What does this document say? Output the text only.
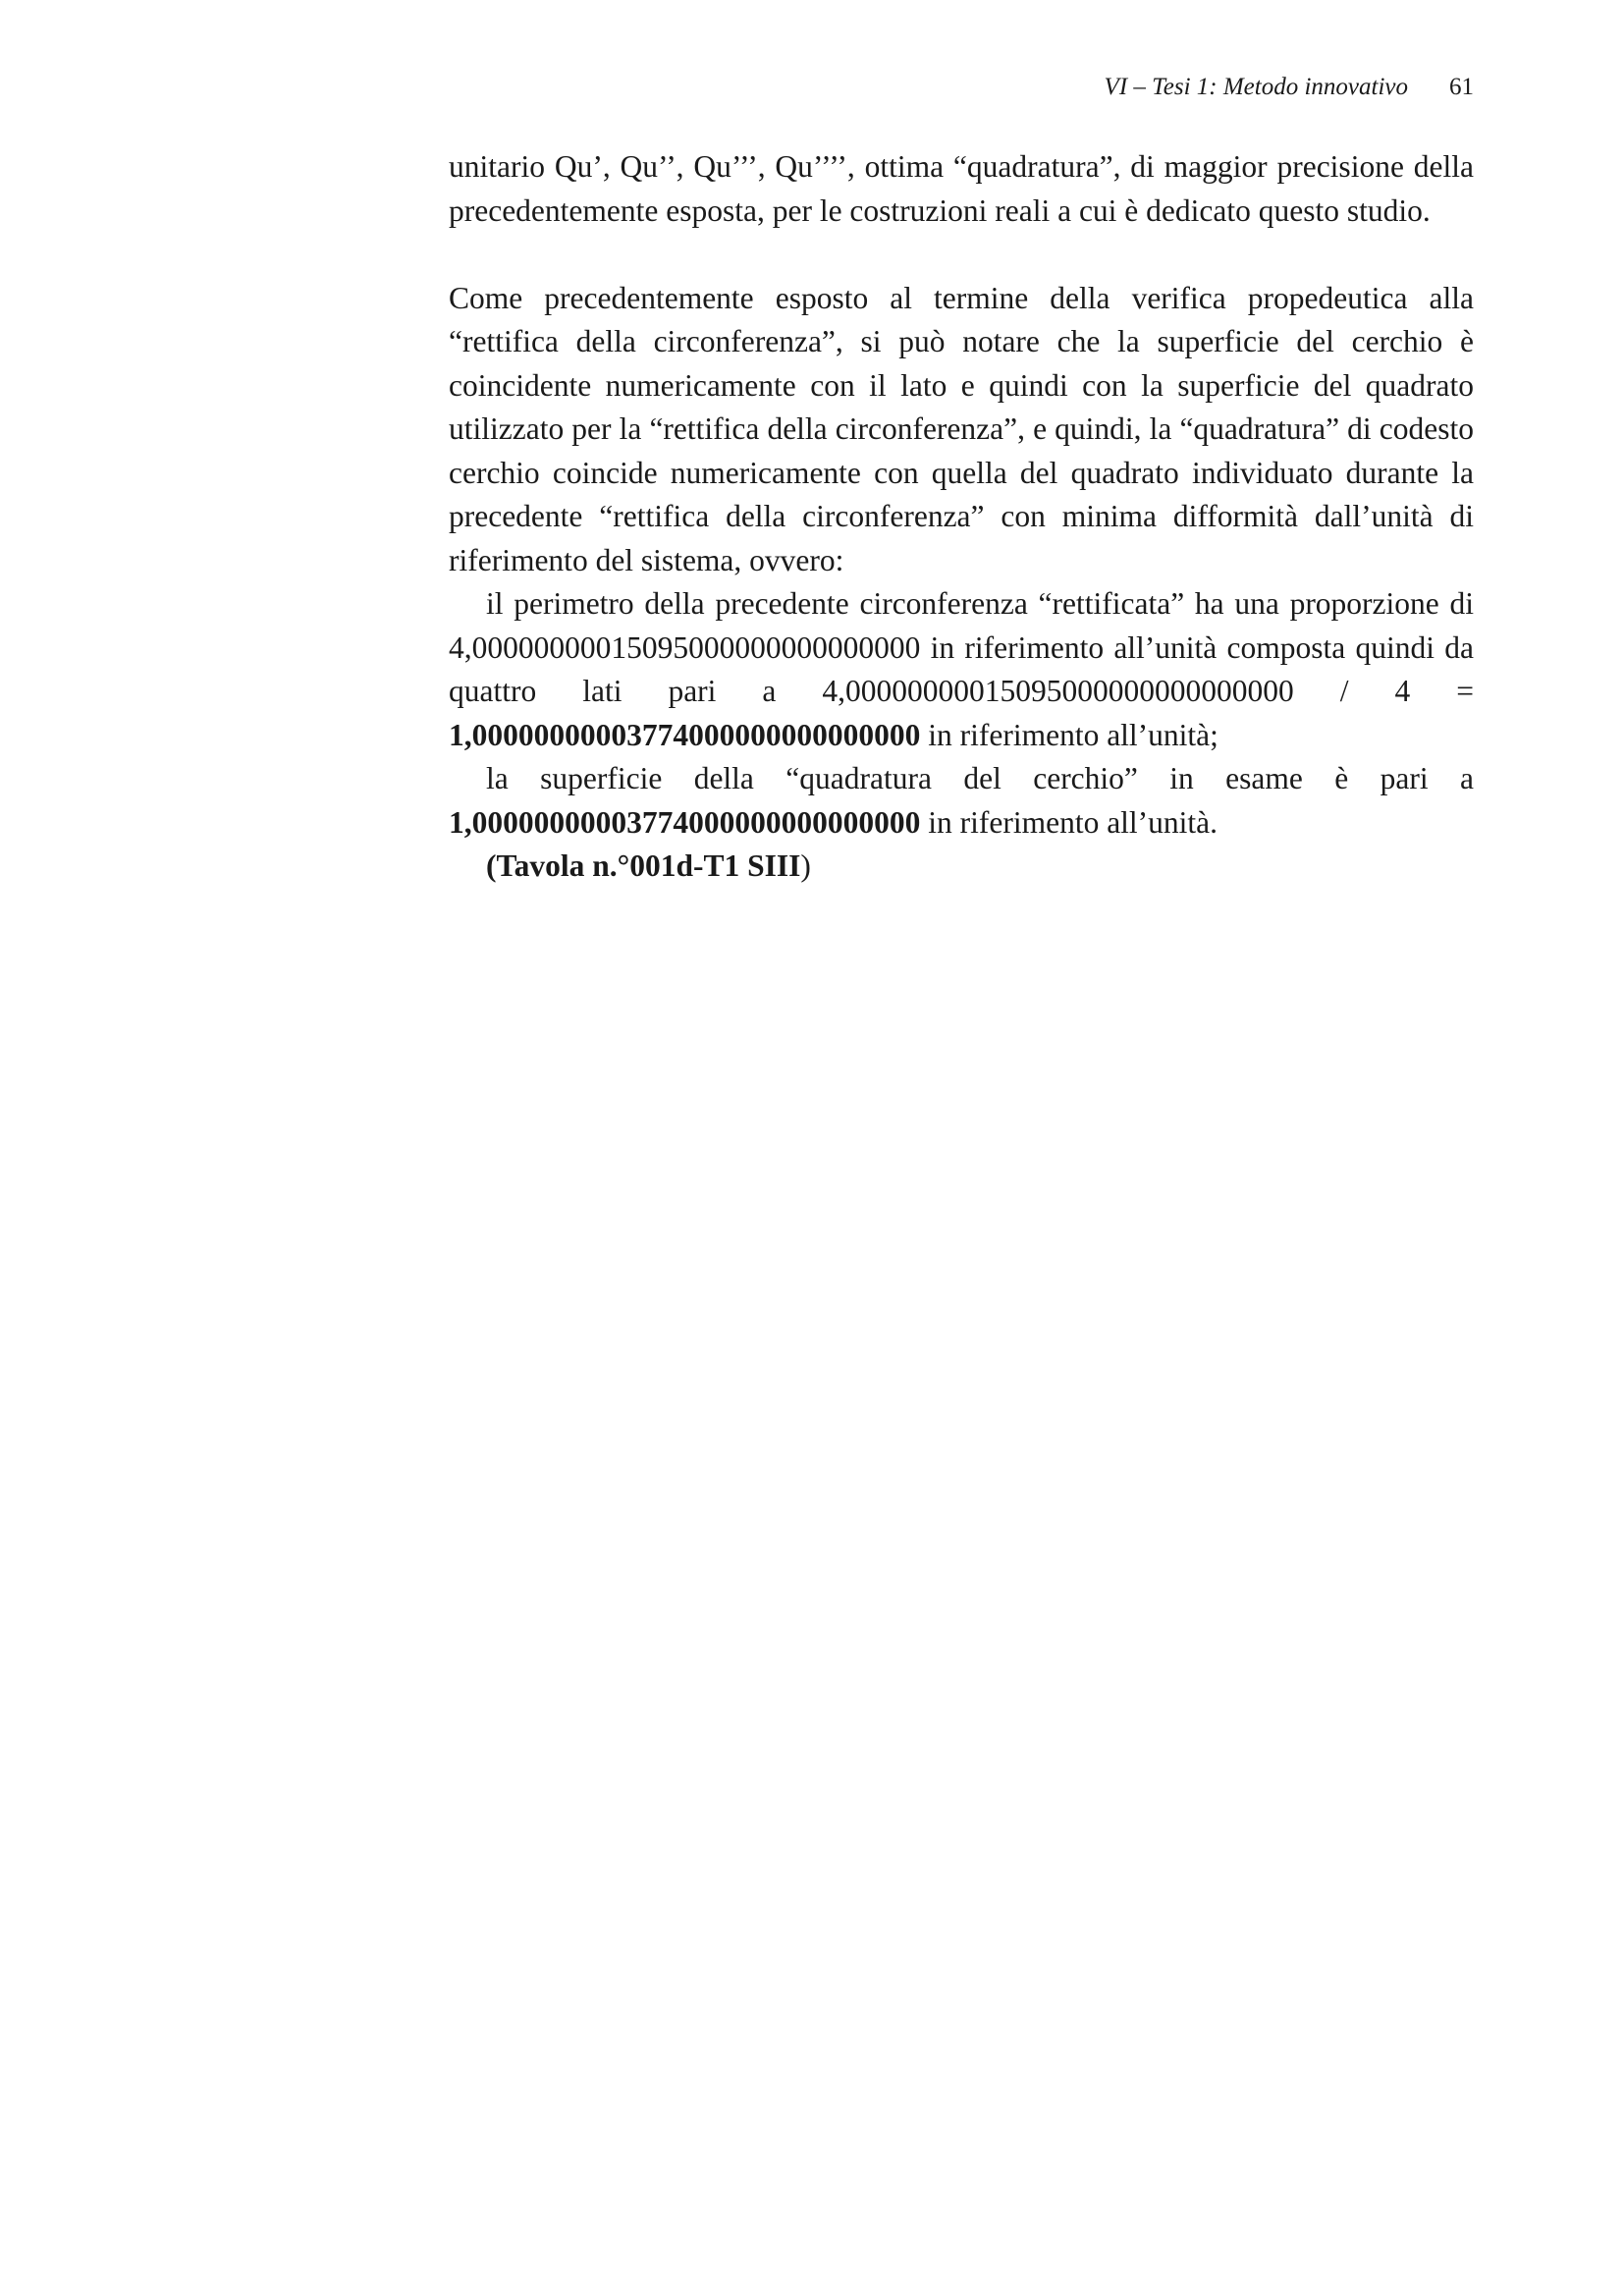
VI – Tesi 1: Metodo innovativo 61

unitario Qu’, Qu’’, Qu’’’, Qu’’’’, ottima “quadratura”, di maggior precisione della precedentemente esposta, per le costruzioni reali a cui è dedicato questo studio.

Come precedentemente esposto al termine della verifica propedeutica alla “rettifica della circonferenza”, si può notare che la superficie del cerchio è coincidente numericamente con il lato e quindi con la superficie del quadrato utilizzato per la “rettifica della circonferenza”, e quindi, la “quadratura” di codesto cerchio coincide numericamente con quella del quadrato individuato durante la precedente “rettifica della circonferenza” con minima difformità dall’unità di riferimento del sistema, ovvero:

il perimetro della precedente circonferenza “rettificata” ha una proporzione di 4,00000000015095000000000000000 in riferimento all’unità composta quindi da quattro lati pari a 4,00000000015095000000000000000 / 4 = 1,00000000003774000000000000000 in riferimento all’unità;

la superficie della “quadratura del cerchio” in esame è pari a 1,00000000003774000000000000000 in riferimento all’unità.

(Tavola n.°001d-T1 SIII)
